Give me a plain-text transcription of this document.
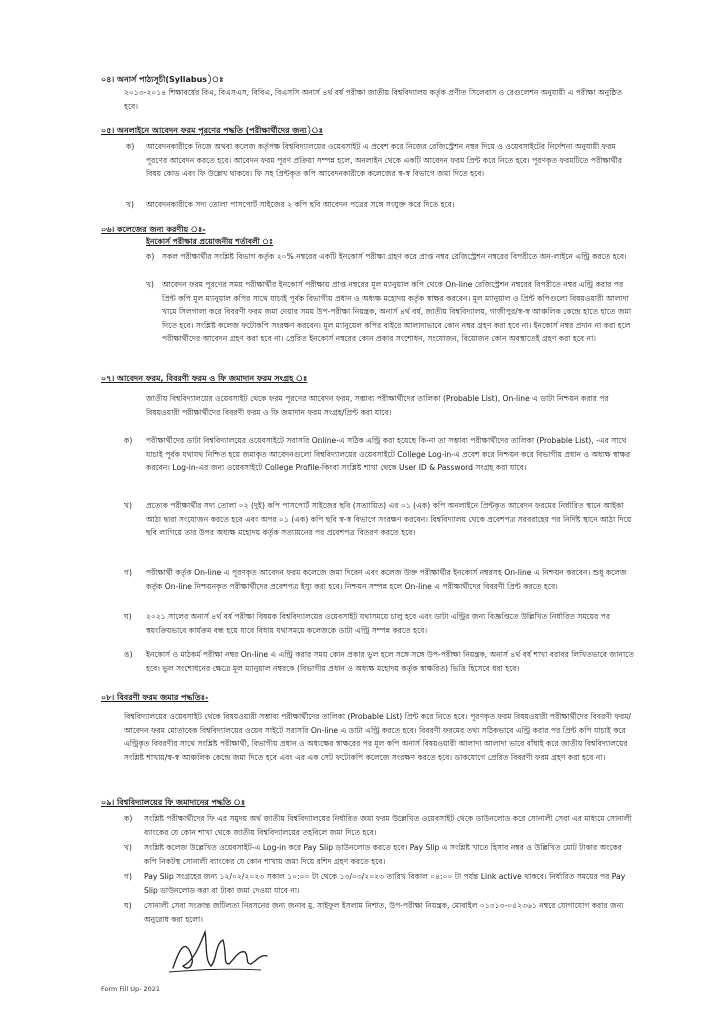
০৪। অনার্স পাঠ্যসূচী(Syllabus)ঃ

২০১৩-২০১৪ শিক্ষাবর্ষের বিএ, বিএসএস, বিবিএ, বিএসসি অনার্স ৪র্থ বর্ষ পরীক্ষা জাতীয় বিশ্ববিদ্যালয় কর্তৃক প্রণীত সিলেবাস ও রেগুলেশন অনুযায়ী এ পরীক্ষা অনুষ্ঠিত হবে।

০৫। অনলাইনে আবেদন ফরম পূরণের পদ্ধতি (পরীক্ষার্থীদের জন্য)ঃ
ক) আবেদনকারীকে নিজে অথবা কলেজ কর্তৃপক্ষ বিশ্ববিদ্যালয়ের ওয়েবসাইট এ প্রবেশ করে নিজের রেজিস্ট্রেশন নম্বর দিয়ে ও ওয়েবসাইটের নির্দেশনা অনুযায়ী ফরম পূরণের আবেদন করতে হবে। আবেদন ফরম পূরণ প্রক্রিয়া সম্পন্ন হলে, অনলাইন থেকে একটি আবেদন ফরম প্রিন্ট করে নিতে হবে। পূরণকৃত ফরমটিতে পরীক্ষার্থীর বিষয় কোড এবং ফি উল্লেখ থাকবে। ফি সহ প্রিন্টকৃত কপি আবেদনকারীকে কলেজের স্ব-স্ব বিভাগে জমা দিতে হবে।

খ) আবেদনকারীকে সদ্য তোলা পাসপোর্ট সাইজের ২ কপি ছবি আবেদন পত্রের সঙ্গে সংযুক্ত করে দিতে হবে।

০৬। কলেজের জন্য করণীয় ঃ-
ইনকোর্স পরীক্ষার প্রয়োজনীয় শর্তাবলী ঃ
ক) সকল পরীক্ষার্থীর সংশ্লিষ্ট বিভাগ কর্তৃক ২০% নম্বরের একটি ইনকোর্স পরীক্ষা গ্রহণ করে প্রাপ্ত নম্বর রেজিস্ট্রেশন নম্বরের বিপরীতে অন-লাইনে এন্ট্রি করতে হবে।

খ) আবেদন ফরম পূরণের সময় পরীক্ষার্থীর ইনকোর্স পরীক্ষায় প্রাপ্ত নম্বরের মূল ম্যানুয়াল কপি থেকে On-line রেজিস্ট্রেশন নম্বরের বিপরীতে নম্বর এন্ট্রি করার পর প্রিন্ট কপি মূল ম্যানুয়াল কপির সাথে যাচাই পূর্বক বিভাগীয় প্রধান ও অধ্যক্ষ মহোদয় কর্তৃক স্বাক্ষর করবেন। মূল ম্যানুয়াল ও প্রিন্ট কপিগুলো বিষয়ওয়ারী আলাদা খামে সিলগালা করে বিবরণী ফরম জমা দেয়ার সময় উপ-পরীক্ষা নিয়ন্ত্রক, অনার্স ৪র্থ বর্ষ, জাতীয় বিশ্ববিদ্যালয়, গাজীপুর/স্ব-স্ব আঞ্চলিক কেন্দ্রে হাতে হাতে জমা দিতে হবে। সংশ্লিষ্ট কলেজ ফটোকপি সংরক্ষণ করবেন। মূল ম্যানুয়েল কপির বাইরে আলাদাভাবে কোন নম্বর গ্রহণ করা হবে না। ইনকোর্স নম্বর প্রদান না করা হলে পরীক্ষার্থীদের আবেদন গ্রহণ করা হবে না। প্রেরিত ইনকোর্স নম্বরের কোন প্রকার সংশোধন, সংযোজন, বিয়োজন কোন অবস্থাতেই গ্রহণ করা হবে না।

০৭। আবেদন ফরম, বিবরণী ফরম ও ফি জমাদান ফরম সংগ্রহ ঃ

জাতীয় বিশ্ববিদ্যালয়ের ওয়েবসাইট থেকে ফরম পূরণের আবেদন ফরম, সম্ভাব্য পরীক্ষার্থীদের তালিকা (Probable List), On-line এ ডাটা নিশ্চয়ন করার পর বিষয়ওয়ারী পরীক্ষার্থীদের বিবরণী ফরম ও ফি জমাদান ফরম সংগ্রহ/প্রিন্ট করা যাবে।

ক) পরীক্ষার্থীদের ডাটা বিশ্ববিদ্যালয়ের ওয়েবসাইটে সরাসরি Online-এ সঠিক এন্ট্রি করা হয়েছে কি-না তা সম্ভাব্য পরীক্ষার্থীদের তালিকা (Probable List), -এর সাথে যাচাই পূর্বক যথাযথ নিশ্চিত হয়ে জমাকৃত আবেদনগুলো বিশ্ববিদ্যালয়ের ওয়েবসাইটে College Log-in-এ প্রবেশ করে নিশ্চয়ন করে বিভাগীয় প্রধান ও অধ্যক্ষ স্বাক্ষর করবেন। Log-in-এর জন্য ওয়েবসাইটে College Profile-কিংবা সংশ্লিষ্ট শাখা থেকে User ID & Password সংগ্রহ করা যাবে।

খ) প্রত্যেক পরীক্ষার্থীর সদ্য তোলা ০২ (দুই) কপি পাসপোর্ট সাইজের ছবি (সত্যায়িত) এর ০১ (এক) কপি অনলাইনে প্রিন্টকৃত আবেদন ফরমের নির্ধারিত স্থানে আইকা আঠা দ্বারা সংযোজন করতে হবে এবং অপর ০১ (এক) কপি ছবি স্ব-স্ব বিভাগে সংরক্ষণ করবেন। বিশ্ববিদ্যালয় থেকে প্রবেশপত্র সরবরাহের পর নির্দিষ্ট স্থানে আঠা দিয়ে ছবি লাগিয়ে তার উপর অধ্যক্ষ মহোদয় কর্তৃক সত্যায়নের পর প্রবেশপত্র বিতরণ করতে হবে।

গ) পরীক্ষার্থী কর্তৃক On-line এ পূরণকৃত আবেদন ফরম কলেজে জমা দিবেন এবং কলেজ উক্ত পরীক্ষার্থীর ইনকোর্স নম্বরসহ On-line এ নিশ্চয়ন করবেন। শুধু কলেজ কর্তৃক On-line নিশ্চয়নকৃত পরীক্ষার্থীদের প্রবেশপত্র ইস্যু করা হবে। নিশ্চয়ন সম্পন্ন হলে On-line এ পরীক্ষার্থীদের বিবরণী প্রিন্ট করতে হবে।

ঘ) ২০২১ সালের অনার্স ৪র্থ বর্ষ পরীক্ষা বিষয়ক বিশ্ববিদ্যালয়ের ওয়েবসাইট যথাসময়ে চালু হবে এবং ডাটা এন্ট্রির জন্য বিজ্ঞপ্তিতে উল্লিখিত নির্ধারিত সময়ের পর স্বয়ংক্রিয়ভাবে কার্যক্রম বন্ধ হয়ে যাবে বিধায় যথাসময়ে কলেজকে ডাটা এন্ট্রি সম্পন্ন করতে হবে।

ঙ) ইনকোর্স ও মাঠকর্ম পরীক্ষা নম্বর On-line এ এন্ট্রি করার সময় কোন প্রকার ভুল হলে সঙ্গে সঙ্গে উপ-পরীক্ষা নিয়ন্ত্রক, অনার্স ৪র্থ বর্ষ শাখা বরাবর লিখিতভাবে জানাতে হবে। ভুল সংশোধনের ক্ষেত্রে মূল ম্যানুয়াল নম্বরকে (বিভাগীয় প্রধান ও অধ্যক্ষ মহোদয় কর্তৃক স্বাক্ষরিত) ভিত্তি হিসেবে ধরা হবে।

০৮। বিবরণী ফরম জমার পদ্ধতিঃ-

বিশ্ববিদ্যালয়ের ওয়েবসাইট থেকে বিষয়ওয়ারী সম্ভাব্য পরীক্ষার্থীদের তালিকা (Probable List) প্রিন্ট করে নিতে হবে। পূরণকৃত ফরম বিষয়ওয়ারী পরীক্ষার্থীদের বিবরণী ফরম/আবেদন ফরম মোতাবেক বিশ্ববিদ্যালয়ের ওয়েব সাইটে সরাসরি On-line এ ডাটা এন্ট্রি করতে হবে। বিবরণী ফরমের তথ্য সঠিকভাবে এন্ট্রি করার পর প্রিন্ট কপি যাচাই করে এন্ট্রিকৃত বিবরণীর সাথে সংশ্লিষ্ট পরীক্ষার্থী, বিভাগীয় প্রধান ও অধ্যক্ষের স্বাক্ষরের পর মূল কপি অনার্স বিষয়ওয়ারী আলাদা আলাদা ভাবে বাঁধাই করে জাতীয় বিশ্ববিদ্যালয়ের সংশ্লিষ্ট শাখায়/স্ব-স্ব আঞ্চলিক কেন্দ্রে জমা দিতে হবে এবং এর এক সেট ফটোকপি কলেজে সংরক্ষণ করতে হবে। ডাকযোগে প্রেরিত বিবরণী ফরম গ্রহণ করা হবে না।

০৯। বিশ্ববিদ্যালয়ের ফি জমাদানের পদ্ধতি ঃ
ক) সংশ্লিষ্ট পরীক্ষার্থীদের ফি এর সমুদয় অর্থ জাতীয় বিশ্ববিদ্যালয়ের নির্ধারিত জমা ফরম উল্লেখিত ওয়েবসাইট থেকে ডাউনলোড করে সোনালী সেবা এর মাধ্যমে সোনালী ব্যাংকের যে কোন শাখা থেকে জাতীয় বিশ্ববিদ্যালয়ের তহবিলে জমা দিতে হবে।

খ) সংশ্লিষ্ট কলেজ উল্লেখিত ওয়েবসাইট-এ Log-in করে Pay Slip ডাউনলোড করতে হবে। Pay Slip এ সংশ্লিষ্ট খাতে হিসাব নম্বর ও উল্লিখিত মোট টাকার অংকের কপি নিকটস্থ সোনালী ব্যাংকের যে কোন শাখায় জমা দিয়ে রশিদ গ্রহণ করতে হবে।

গ) Pay Slip সংগ্রহের জন্য ১২/০২/২০২৩ সকাল ১০:০০ টা থেকে ১৩/০৩/২০২৩ তারিখ বিকাল ০৪:০০ টা পর্যন্ত Link active থাকবে। নির্ধারিত সময়ের পর Pay Slip ডাউনলোড করা বা টাকা জমা দেওয়া যাবে না।

ঘ) সোনালী সেবা সংক্রান্ত জটিলতা নিরসনের জন্য জনাব মু. সাইফুল ইসলাম নিশাত, উপ-পরীক্ষা নিয়ন্ত্রক, মোবাইল ০১৩১৩-০৫২৩৬১ নম্বরে যোগাযোগ করার জন্য অনুরোধ করা হলো।

Form Fill Up- 2021
